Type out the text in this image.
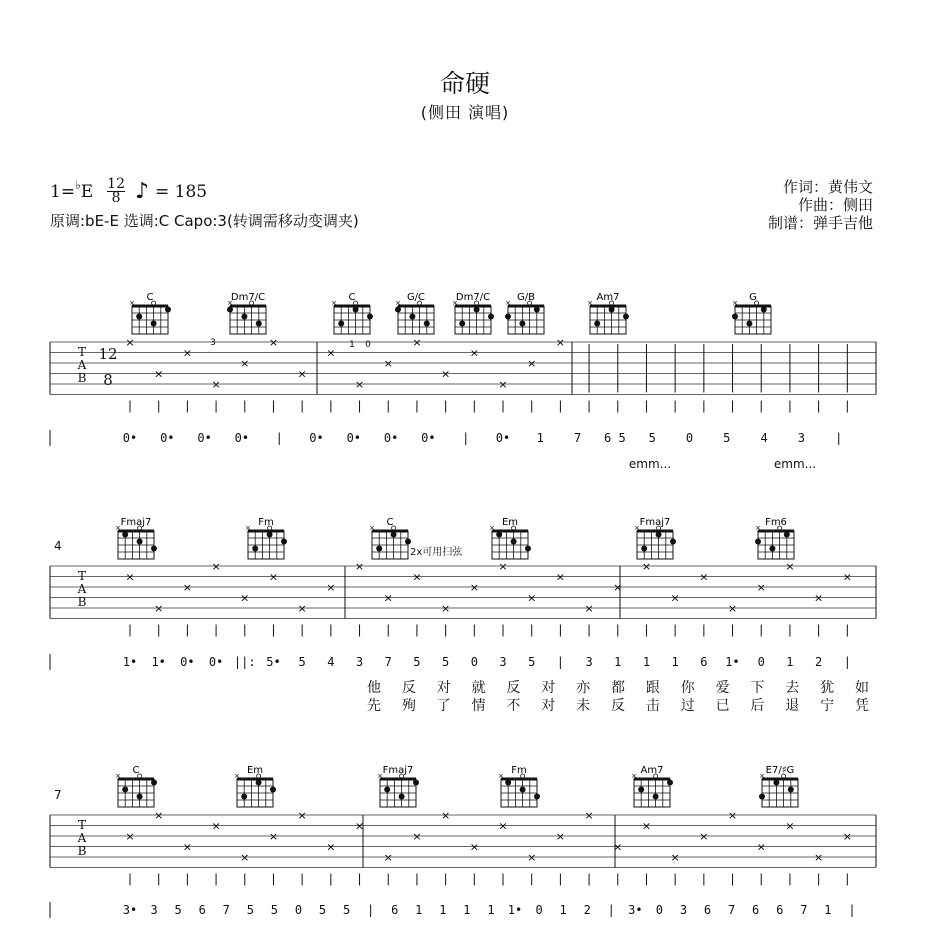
命硬
(侧田 演唱)
1= ♭ E $\frac{12}{8}$ ♪ = 185
原调:bE-E 选调:C Capo:3(转调需移动变调夹)
作词：黄伟文
作曲：侧田
制谱：弹手吉他
T
A
B
12
8
C
×	Dm7/C
×	C
×	G/C
×	Dm7/C
×	G/B
×	Am7
×	G
×
×
×
×
×
×
×
×
×
×
×
×
×
×
×
×
×
3	1 0
0• 0• 0• 0• | 0• 0• 0• 0• | 0• 1	7 6 5 5	0	5	4	3	|
emm...	emm...
T
A
B
4
Fmaj7
×	Fm
×	C
×	Em
×	Fmaj7
×	Fm6
×
2x可用扫弦
×
×
×
×
×
×
×
×
×
×
×
×
×
×
×
×
×
×
×
×
×
×
×
×
×
×
1• 1• 0• 0• ||: 5• 5 4 3 7 5 5 0 3 5 | 3 1 1 1 6 1• 0 1 2 |
他 反 对 就 反 对 亦 都 跟 你 爱 下 去 犹 如
先 殉 了 情 不 对 未 反 击 过 已 后 退 宁 凭
T
A
B
7
C
×	Em
×	Fmaj7
×	Fm
×	Am7
×	E7/♯G
×
×
×
×
×
×
×
×
×
×
×
×
×
×
×
×
×
×
×
×
×
×
×
×
×
×
×
3• 3 5 6 7 5 5 0 5 5 | 6 1 1 1 1 1• 0 1 2 | 3• 0 3 6 7 6 6 7 1 |
